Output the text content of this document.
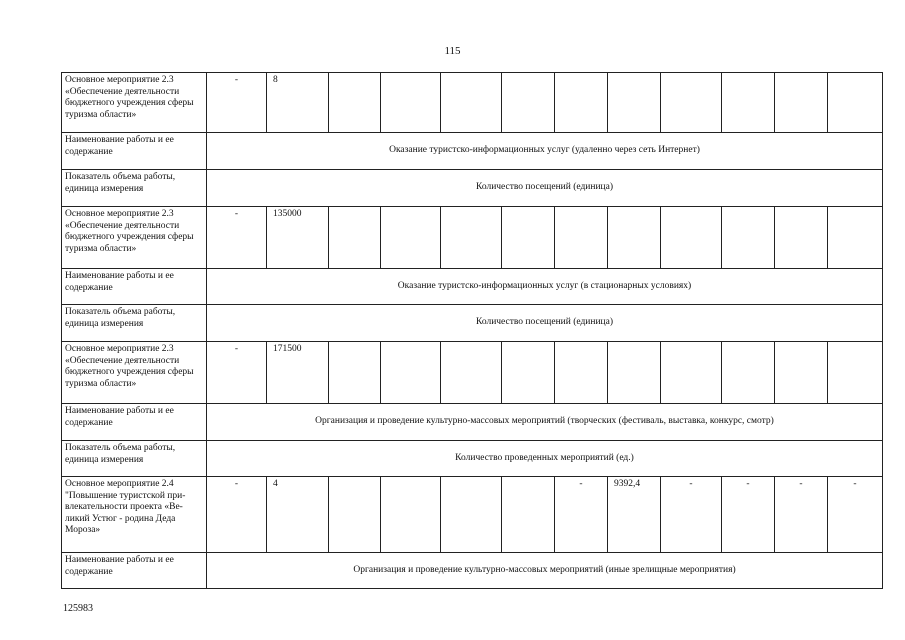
115
Основное мероприятие 2.3 «Обеспечение деятельности бюджетного учреждения сферы туризма области»	-	8										
Наименование работы и ее содержание	Оказание туристско-информационных услуг (удаленно через сеть Интернет)											
Показатель объема работы, единица измерения	Количество посещений (единица)											
Основное мероприятие 2.3 «Обеспечение деятельности бюджетного учреждения сферы туризма области»	-	135000										
Наименование работы и ее содержание	Оказание туристско-информационных услуг (в стационарных условиях)											
Показатель объема работы, единица измерения	Количество посещений (единица)											
Основное мероприятие 2.3 «Обеспечение деятельности бюджетного учреждения сферы туризма области»	-	171500										
Наименование работы и ее содержание	Организация и проведение культурно-массовых мероприятий (творческих (фестиваль, выставка, конкурс, смотр)											
Показатель объема работы, единица измерения	Количество проведенных мероприятий (ед.)											
Основное мероприятие 2.4 "Повышение туристской при-влекательности проекта «Ве-ликий Устюг - родина Деда Мороза»	-	4					-	9392,4	-	-	-	-
Наименование работы и ее содержание	Организация и проведение культурно-массовых мероприятий (иные зрелищные мероприятия)											
125983
